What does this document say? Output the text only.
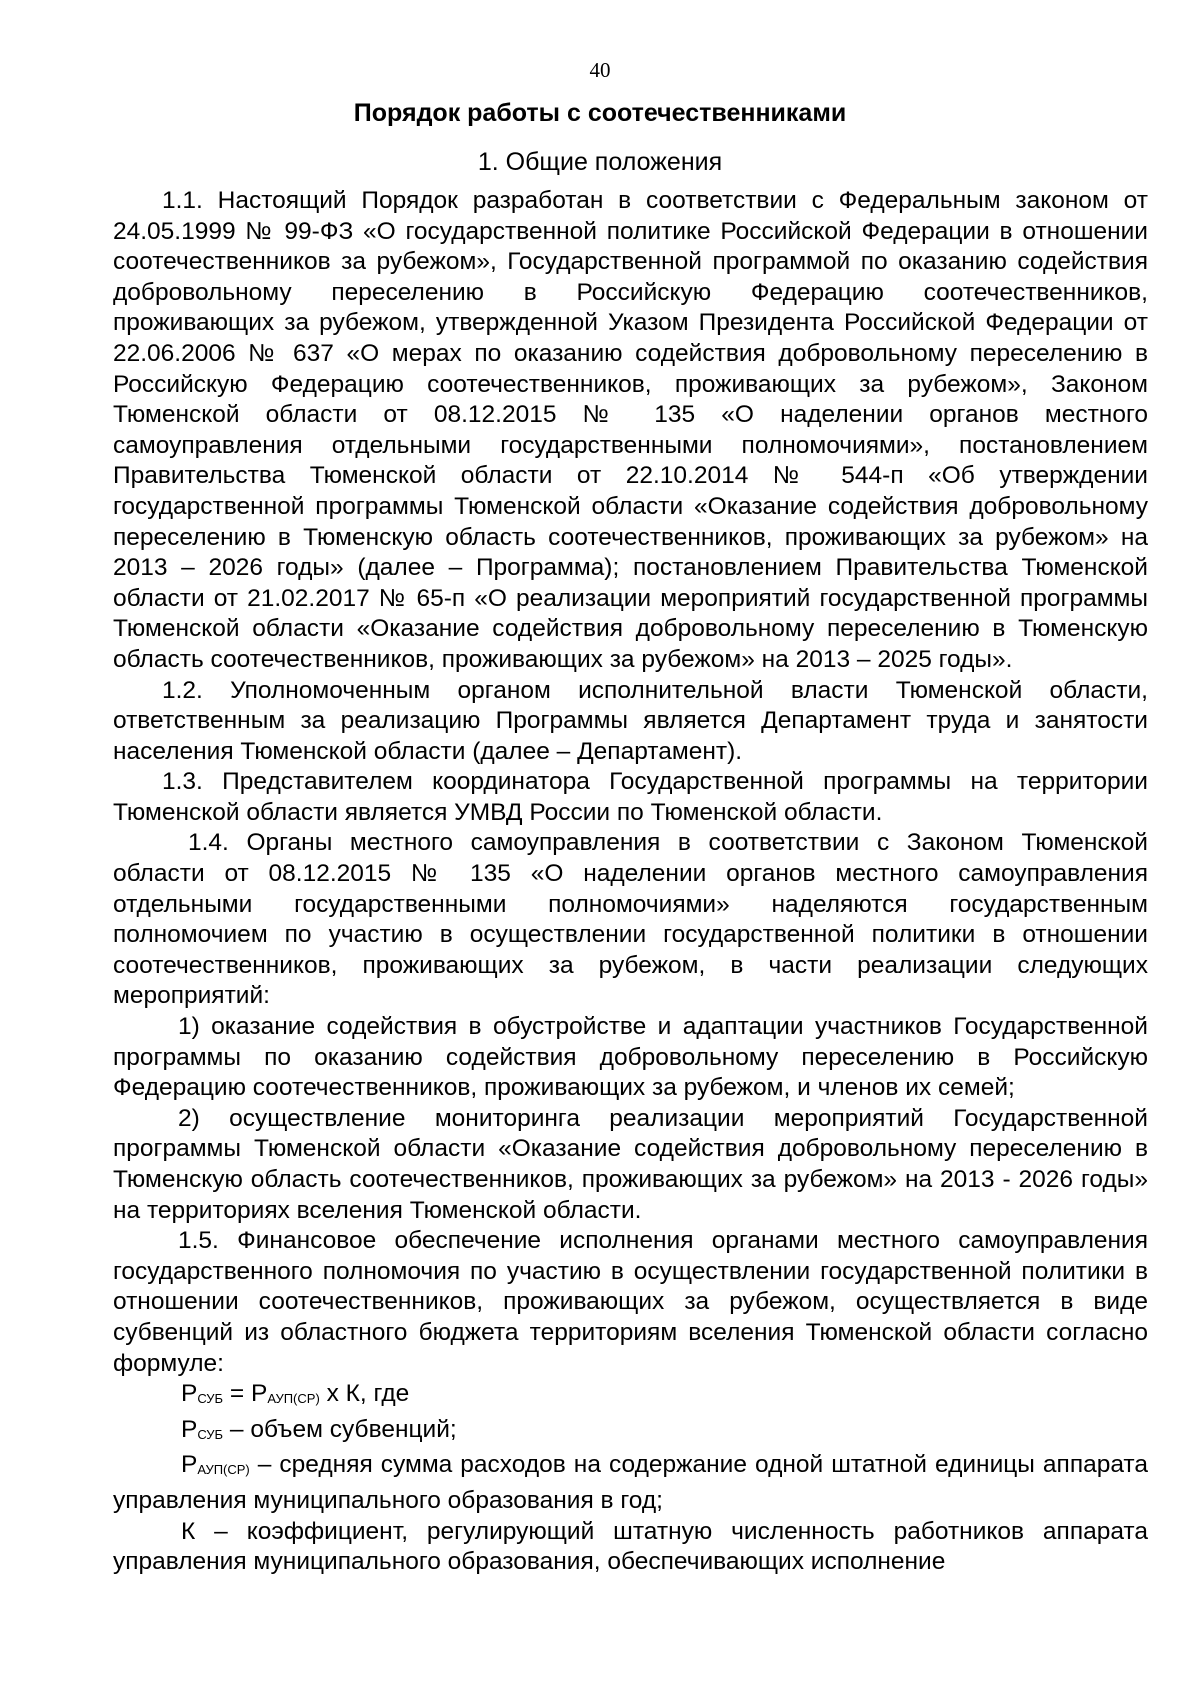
40
Порядок работы с соотечественниками
1. Общие положения

1.1. Настоящий Порядок разработан в соответствии с Федеральным законом от 24.05.1999 № 99-ФЗ «О государственной политике Российской Федерации в отношении соотечественников за рубежом», Государственной программой по оказанию содействия добровольному переселению в Российскую Федерацию соотечественников, проживающих за рубежом, утвержденной Указом Президента Российской Федерации от 22.06.2006 № 637 «О мерах по оказанию содействия добровольному переселению в Российскую Федерацию соотечественников, проживающих за рубежом», Законом Тюменской области от 08.12.2015 № 135 «О наделении органов местного самоуправления отдельными государственными полномочиями», постановлением Правительства Тюменской области от 22.10.2014 № 544-п «Об утверждении государственной программы Тюменской области «Оказание содействия добровольному переселению в Тюменскую область соотечественников, проживающих за рубежом» на 2013 – 2026 годы» (далее – Программа); постановлением Правительства Тюменской области от 21.02.2017 № 65-п «О реализации мероприятий государственной программы Тюменской области «Оказание содействия добровольному переселению в Тюменскую область соотечественников, проживающих за рубежом» на 2013 – 2025 годы».

1.2. Уполномоченным органом исполнительной власти Тюменской области, ответственным за реализацию Программы является Департамент труда и занятости населения Тюменской области (далее – Департамент).

1.3. Представителем координатора Государственной программы на территории Тюменской области является УМВД России по Тюменской области.

1.4. Органы местного самоуправления в соответствии с Законом Тюменской области от 08.12.2015 № 135 «О наделении органов местного самоуправления отдельными государственными полномочиями» наделяются государственным полномочием по участию в осуществлении государственной политики в отношении соотечественников, проживающих за рубежом, в части реализации следующих мероприятий:

1) оказание содействия в обустройстве и адаптации участников Государственной программы по оказанию содействия добровольному переселению в Российскую Федерацию соотечественников, проживающих за рубежом, и членов их семей;

2) осуществление мониторинга реализации мероприятий Государственной программы Тюменской области «Оказание содействия добровольному переселению в Тюменскую область соотечественников, проживающих за рубежом» на 2013 - 2026 годы» на территориях вселения Тюменской области.

1.5. Финансовое обеспечение исполнения органами местного самоуправления государственного полномочия по участию в осуществлении государственной политики в отношении соотечественников, проживающих за рубежом, осуществляется в виде субвенций из областного бюджета территориям вселения Тюменской области согласно формуле:

$Р_{СУБ} = Р_{АУП(СР)}$ х К, где

$Р_{СУБ}$ – объем субвенций;

$Р_{АУП(СР)}$ – средняя сумма расходов на содержание одной штатной единицы аппарата управления муниципального образования в год;

К – коэффициент, регулирующий штатную численность работников аппарата управления муниципального образования, обеспечивающих исполнение
